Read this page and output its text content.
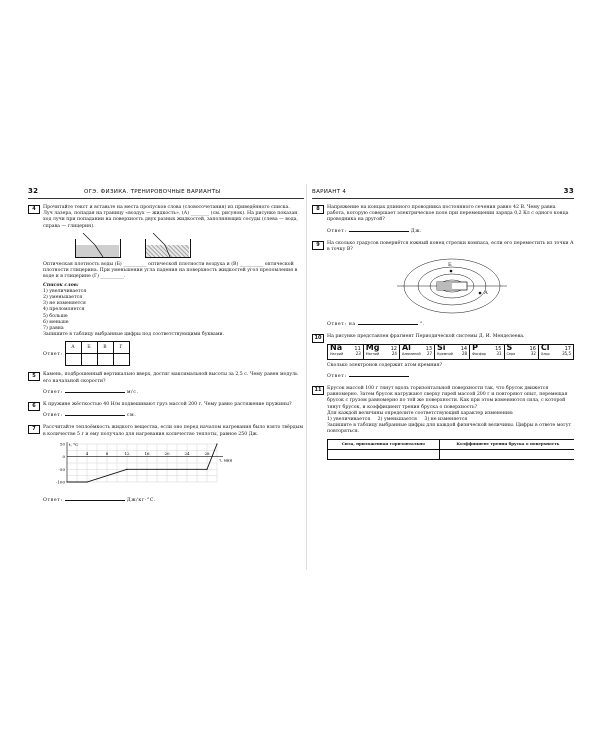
32	ОГЭ. ФИЗИКА. ТРЕНИРОВОЧНЫЕ ВАРИАНТЫ
4	Прочитайте текст и вставьте на места пропусков слова (словосочетания) из приведённого списка.
Луч лазера, попадая на границу «воздух — жидкость», (А) ________ (см. рисунок). На рисунке показан ход лучи при попадании на поверхность двух разных жидкостей, заполняющих сосуды (слева — вода, справа — глицерин).

Оптическая плотность воды (Б) __________ оптической плотности воздуха и (В) __________ оптической плотности глицерина. При уменьшении угла падения на поверхность жидкостей угол преломления в воде и в глицерине (Г) __________.
Список слов:
1) увеличивается
2) уменьшается
3) не изменяется
4) преломляется
5) больше
6) меньше
7) равна
Запишите в таблицу выбранные цифры под соответствующими буквами.
Ответ: А	Б	В	Г

5	Камень, подброшенный вертикально вверх, достиг максимальной высоты за 2,5 с. Чему равен модуль его начальной скорости?
Ответ:	м/с.
6	К пружине жёсткостью 40 Н/м подвешивают груз массой 200 г. Чему равно растяжение пружины?
Ответ:	см.
7	Рассчитайте теплоёмкость жидкого вещества, если оно перед началом нагревания было взято твёрдым в количестве 5 г и ему получало для нагревания количество теплоты, равное 250 Дж.
50
0
-50
-100
4	8	12	16	20	24	28
t, °C
τ, мин
Ответ:	Дж/кг·°C.
ВАРИАНТ 4	33
8	Напряжение на концах длинного проводника постоянного сечения равно 42 В. Чему равна работа, которую совершает электрическое поле при перемещении заряда 0,2 Кл с одного конца проводника на другой?
Ответ:	Дж.
9	На сколько градусов повернётся южный конец стрелки компаса, если его переместить из точки А в точку В?
Б
А
Ответ: на	°.
10	На рисунке представлен фрагмент Периодической системы Д. И. Менделеева.
Na 11
Натрий	23
	Mg 12
Магний	24
	Al	13
Алюминий 27
	Si	14
Кремний 28
	P	15
Фосфор	31
	S	16
Сера	32
	Cl	17
Хлор	35,5
Сколько электронов содержит атом кремния?
Ответ:
11	Брусок массой 100 г тянут вдоль горизонтальной поверхности так, что брусок движется равномерно. Затем брусок нагружают сверху гирей массой 200 г и повторяют опыт, перемещая брусок с грузом равномерно по той же поверхности. Как при этом изменяются сила, с которой тянут брусок, и коэффициент трения бруска о поверхность?
Для каждой величины определите соответствующий характер изменения:
1) увеличивается 2) уменьшается 3) не изменяется
Запишите в таблицу выбранные цифры для каждой физической величины. Цифры в ответе могут повторяться.
Сила, приложенная горизонтально	Коэффициент трения бруска о поверхность
